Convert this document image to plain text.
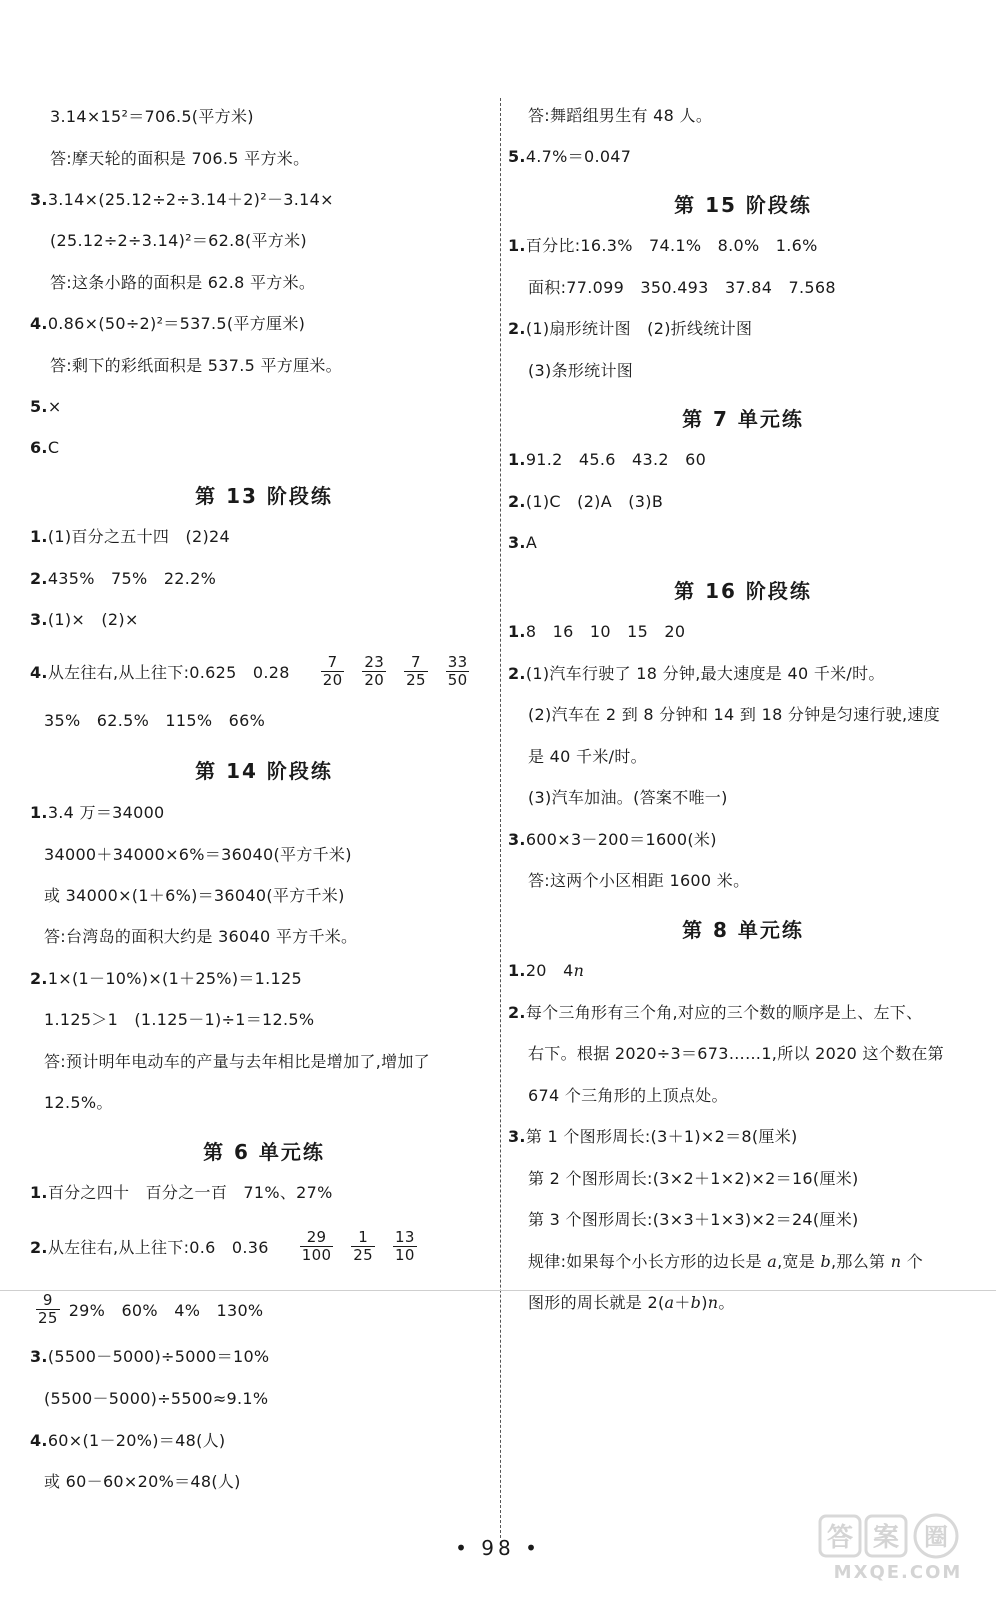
3.14×15²＝706.5(平方米)
答:摩天轮的面积是 706.5 平方米。
3.3.14×(25.12÷2÷3.14＋2)²－3.14×
(25.12÷2÷3.14)²＝62.8(平方米)
答:这条小路的面积是 62.8 平方米。
4.0.86×(50÷2)²＝537.5(平方厘米)
答:剩下的彩纸面积是 537.5 平方厘米。
5.×
6.C
第 13 阶段练
1.(1)百分之五十四　(2)24
2.435%　75%　22.2%
3.(1)×　(2)×
4.从左往右,从上往下:0.625　$0.28 \frac{7}{20} \frac{23}{20} \frac{7}{25} \frac{33}{50}$
35%　62.5%　115%　66%
第 14 阶段练
1.3.4 万＝34000
34000＋34000×6%＝36040(平方千米)
或 34000×(1＋6%)＝36040(平方千米)
答:台湾岛的面积大约是 36040 平方千米。
2.1×(1－10%)×(1＋25%)＝1.125
1.125＞1　(1.125－1)÷1＝12.5%
答:预计明年电动车的产量与去年相比是增加了,增加了
12.5%。
第 6 单元练
1.百分之四十　百分之一百　71%、27%
2.从左往右,从上往下:0.6　$0.36 \frac{29}{100} \frac{1}{25} \frac{13}{10}$
$\frac{9}{25} 29\%$　60%　4%　130%
3.(5500－5000)÷5000＝10%
(5500－5000)÷5500≈9.1%
4.60×(1－20%)＝48(人)
或 60－60×20%＝48(人)
答:舞蹈组男生有 48 人。
5.4.7%＝0.047
第 15 阶段练
1.百分比:16.3%　74.1%　8.0%　1.6%
面积:77.099　350.493　37.84　7.568
2.(1)扇形统计图　(2)折线统计图
(3)条形统计图
第 7 单元练
1.91.2　45.6　43.2　60
2.(1)C　(2)A　(3)B
3.A
第 16 阶段练
1.8　16　10　15　20
2.(1)汽车行驶了 18 分钟,最大速度是 40 千米/时。
(2)汽车在 2 到 8 分钟和 14 到 18 分钟是匀速行驶,速度
是 40 千米/时。
(3)汽车加油。(答案不唯一)
3.600×3－200＝1600(米)
答:这两个小区相距 1600 米。
第 8 单元练
1.20　4n
2.每个三角形有三个角,对应的三个数的顺序是上、左下、
右下。根据 2020÷3＝673……1,所以 2020 这个数在第
674 个三角形的上顶点处。
3.第 1 个图形周长:(3＋1)×2＝8(厘米)
第 2 个图形周长:(3×2＋1×2)×2＝16(厘米)
第 3 个图形周长:(3×3＋1×3)×2＝24(厘米)
规律:如果每个小长方形的边长是 a,宽是 b,那么第 n 个
图形的周长就是 2(a＋b)n。
• 98 •	答 案 圈
MXQE.COM
